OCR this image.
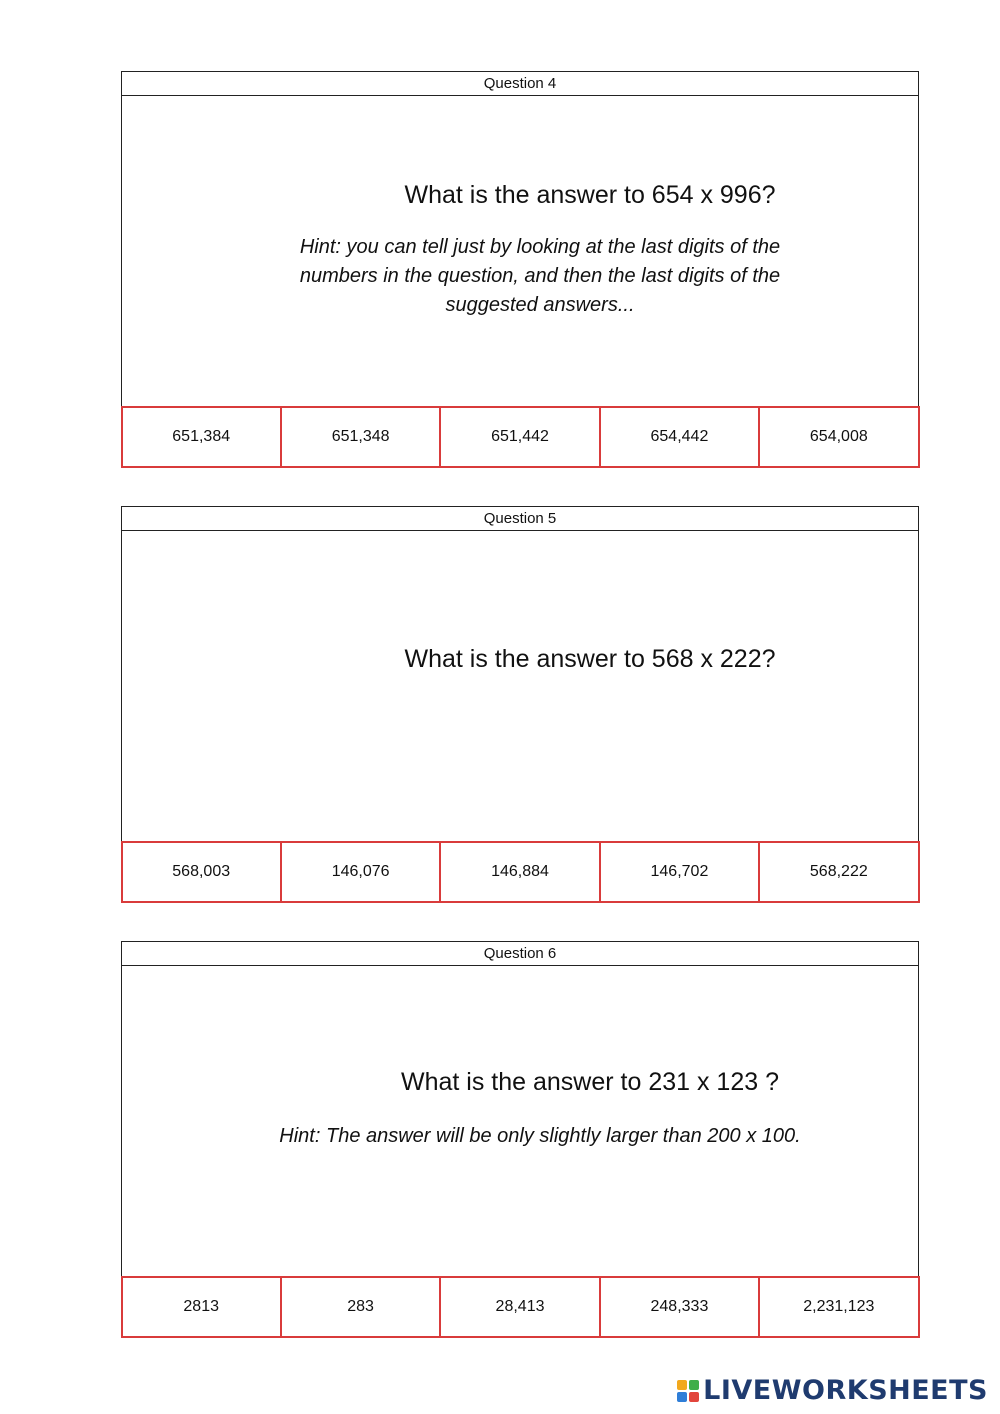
Question 4
What is the answer to 654 x 996?
Hint: you can tell just by looking at the last digits of the numbers in the question, and then the last digits of the suggested answers...
651,384	651,348	651,442	654,442	654,008
Question 5
What is the answer to 568 x 222?
568,003	146,076	146,884	146,702	568,222
Question 6
What is the answer to 231 x 123 ?
Hint: The answer will be only slightly larger than 200 x 100.
2813	283	28,413	248,333	2,231,123
LIVEWORKSHEETS
